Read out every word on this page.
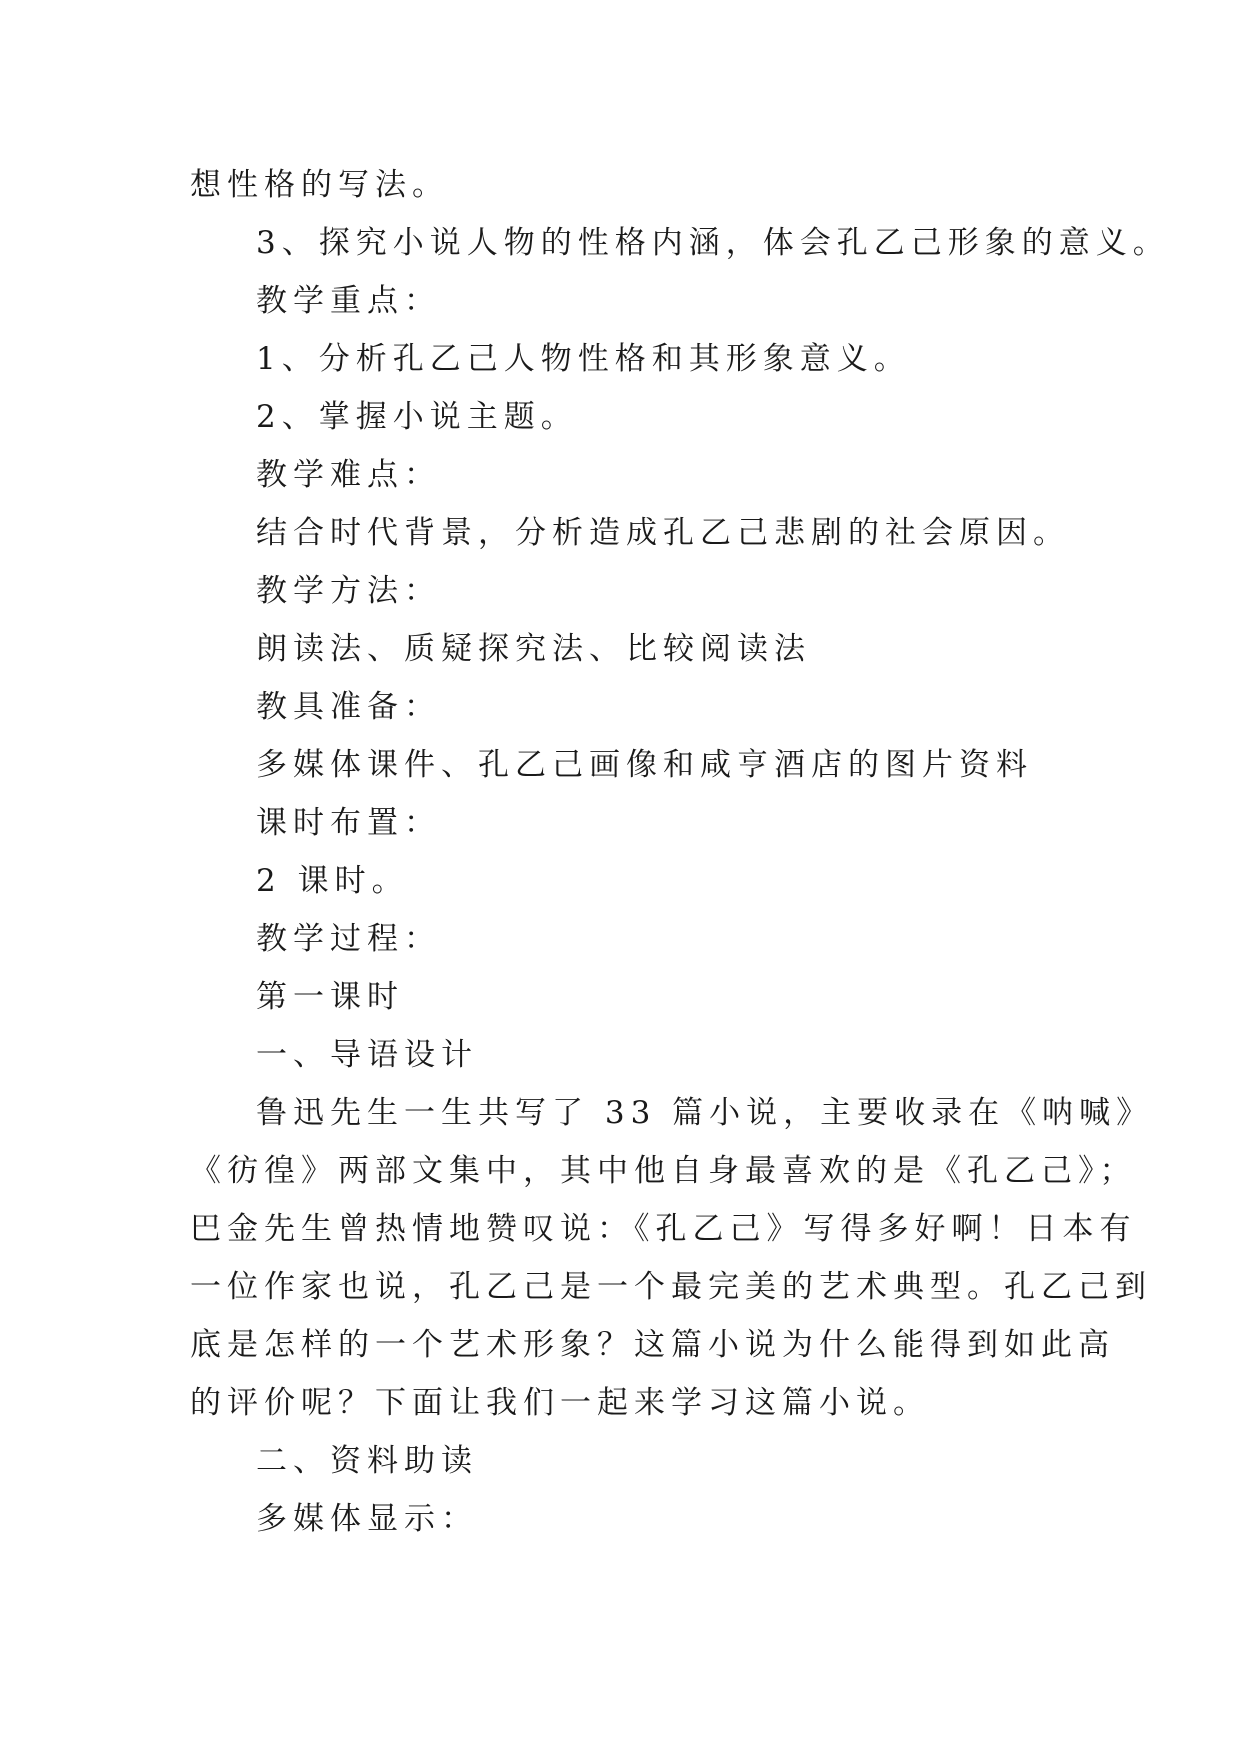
想性格的写法。
3、探究小说人物的性格内涵，体会孔乙己形象的意义。
教学重点：
1、分析孔乙己人物性格和其形象意义。
2、掌握小说主题。
教学难点：
结合时代背景，分析造成孔乙己悲剧的社会原因。
教学方法：
朗读法、质疑探究法、比较阅读法
教具准备：
多媒体课件、孔乙己画像和咸亨酒店的图片资料
课时布置：
2 课时。
教学过程：
第一课时
一、导语设计
鲁迅先生一生共写了 33 篇小说，主要收录在《呐喊》
《彷徨》两部文集中，其中他自身最喜欢的是《孔乙己》；
巴金先生曾热情地赞叹说：《孔乙己》写得多好啊！日本有
一位作家也说，孔乙己是一个最完美的艺术典型。孔乙己到
底是怎样的一个艺术形象？这篇小说为什么能得到如此高
的评价呢？下面让我们一起来学习这篇小说。
二、资料助读
多媒体显示：
